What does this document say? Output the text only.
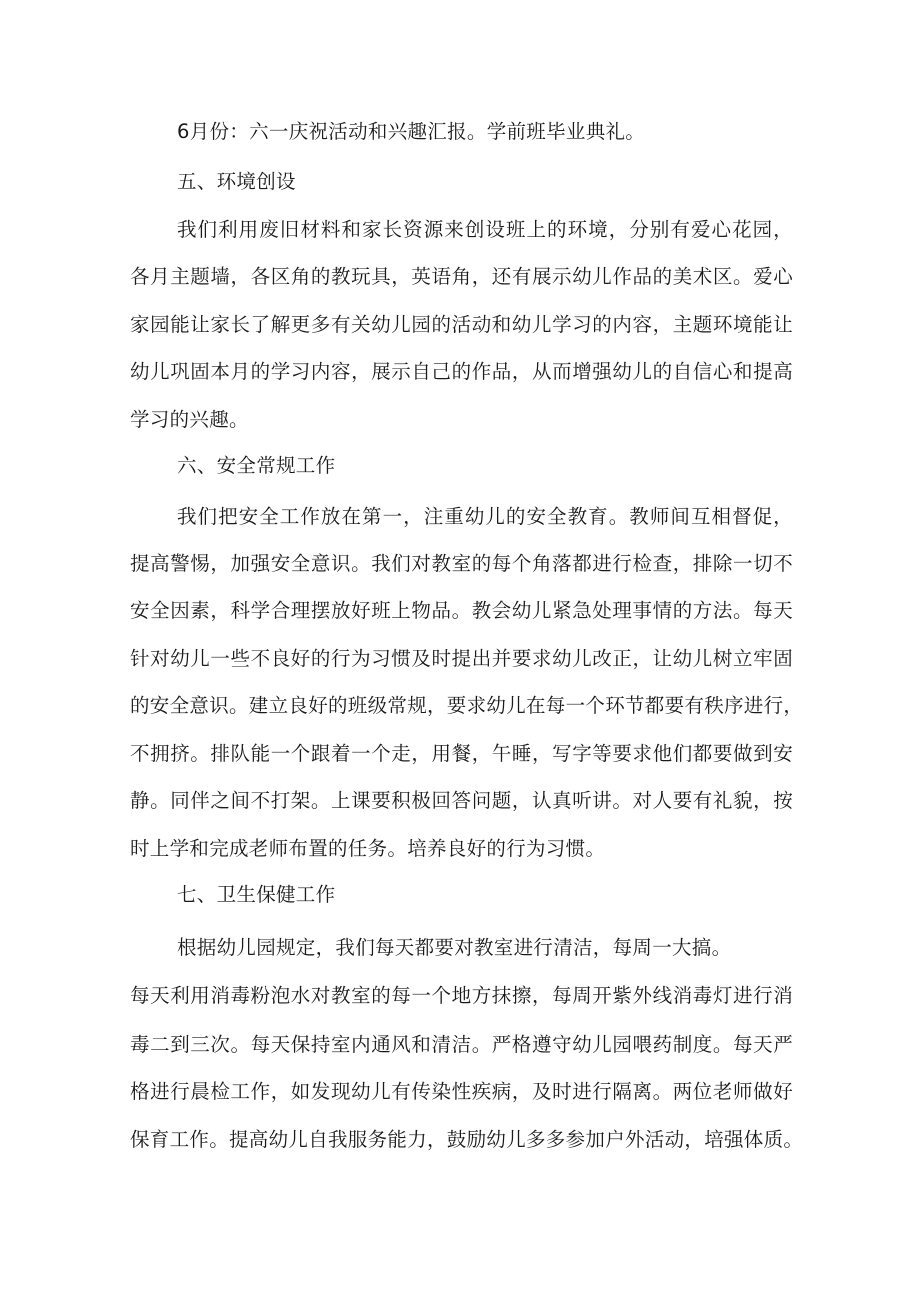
6月份：六一庆祝活动和兴趣汇报。学前班毕业典礼。
五、环境创设
我们利用废旧材料和家长资源来创设班上的环境，分别有爱心花园，
各月主题墙，各区角的教玩具，英语角，还有展示幼儿作品的美术区。爱心
家园能让家长了解更多有关幼儿园的活动和幼儿学习的内容，主题环境能让
幼儿巩固本月的学习内容，展示自己的作品，从而增强幼儿的自信心和提高
学习的兴趣。
六、安全常规工作
我们把安全工作放在第一，注重幼儿的安全教育。教师间互相督促，
提高警惕，加强安全意识。我们对教室的每个角落都进行检查，排除一切不
安全因素，科学合理摆放好班上物品。教会幼儿紧急处理事情的方法。每天
针对幼儿一些不良好的行为习惯及时提出并要求幼儿改正，让幼儿树立牢固
的安全意识。建立良好的班级常规，要求幼儿在每一个环节都要有秩序进行，
不拥挤。排队能一个跟着一个走，用餐，午睡，写字等要求他们都要做到安
静。同伴之间不打架。上课要积极回答问题，认真听讲。对人要有礼貌，按
时上学和完成老师布置的任务。培养良好的行为习惯。
七、卫生保健工作
根据幼儿园规定，我们每天都要对教室进行清洁，每周一大搞。
每天利用消毒粉泡水对教室的每一个地方抹擦，每周开紫外线消毒灯进行消
毒二到三次。每天保持室内通风和清洁。严格遵守幼儿园喂药制度。每天严
格进行晨检工作，如发现幼儿有传染性疾病，及时进行隔离。两位老师做好
保育工作。提高幼儿自我服务能力，鼓励幼儿多多参加户外活动，培强体质。
